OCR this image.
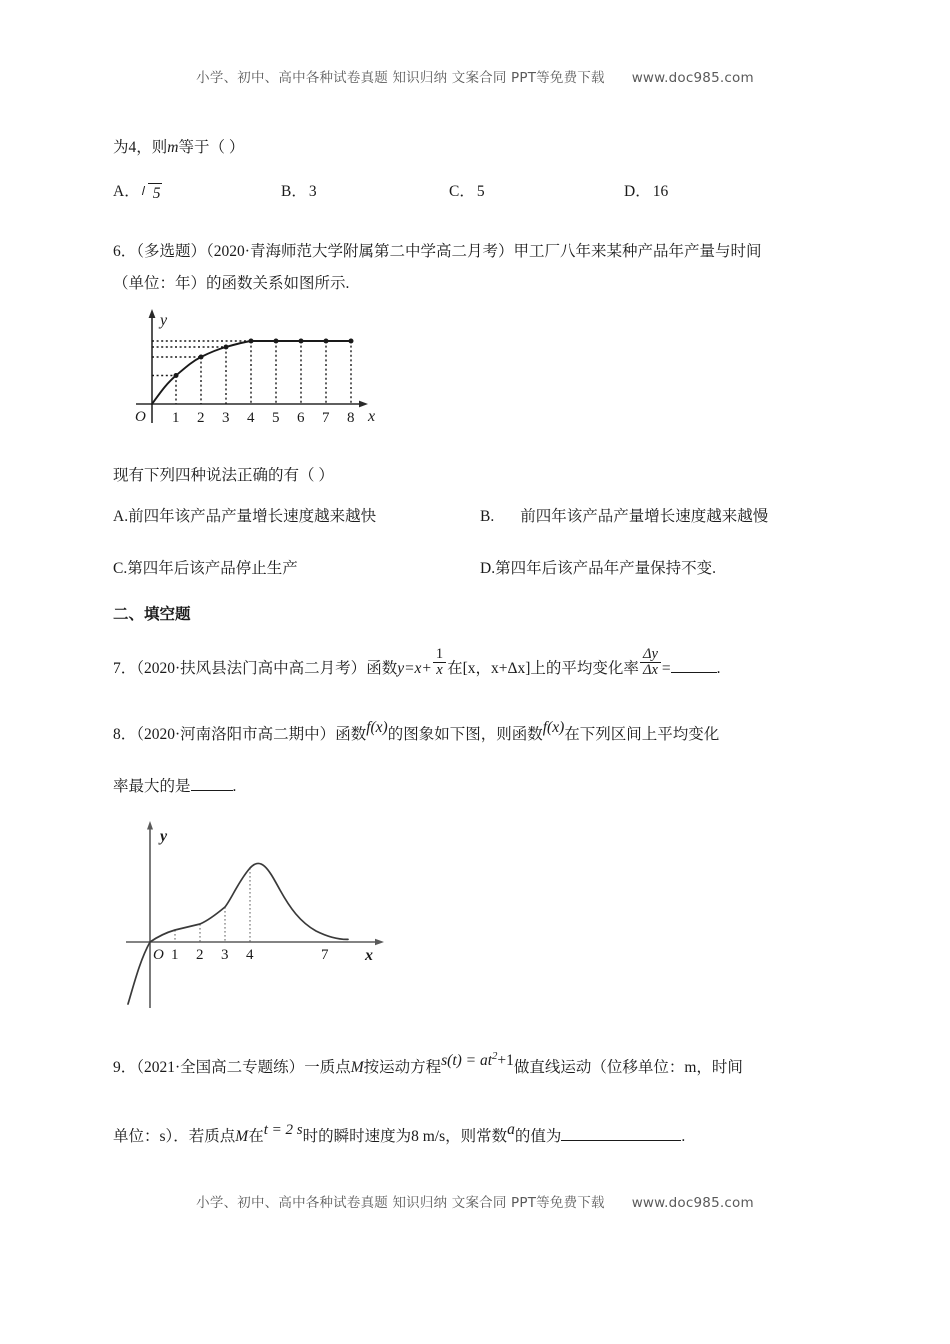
小学、初中、高中各种试卷真题 知识归纳 文案合同 PPT等免费下载 www.doc985.com
为4，则m等于（ ）
A． 5	B． 3	C． 5	D． 16
6．（多选题）（2020·青海师范大学附属第二中学高二月考）甲工厂八年来某种产品年产量与时间
（单位：年）的函数关系如图所示.
y
O 1 2 3 4 5 6 7 8 x
现有下列四种说法正确的有（ ）
A.前四年该产品产量增长速度越来越快	B. 前四年该产品产量增长速度越来越慢
C.第四年后该产品停止生产	D.第四年后该产品年产量保持不变.
二、填空题
7．（2020·扶风县法门高中高二月考）函数$y=x+ \frac{1}{x}$ 在[x，x+Δx]上的平均变化率 $\frac{\Delta y}{\Delta x}$ =	.
8．（2020·河南洛阳市高二期中）函数f(x)的图象如下图，则函数f(x)在下列区间上平均变化
率最大的是	.
y
O 1 2 3 4	7 x
9．（2021·全国高二专题练）一质点M按运动方程$s(t) = at^2+1$做直线运动（位移单位：m，时间
单位：s）．若质点M在t = 2 s时的瞬时速度为8 m/s，则常数a的值为	.
小学、初中、高中各种试卷真题 知识归纳 文案合同 PPT等免费下载 www.doc985.com
